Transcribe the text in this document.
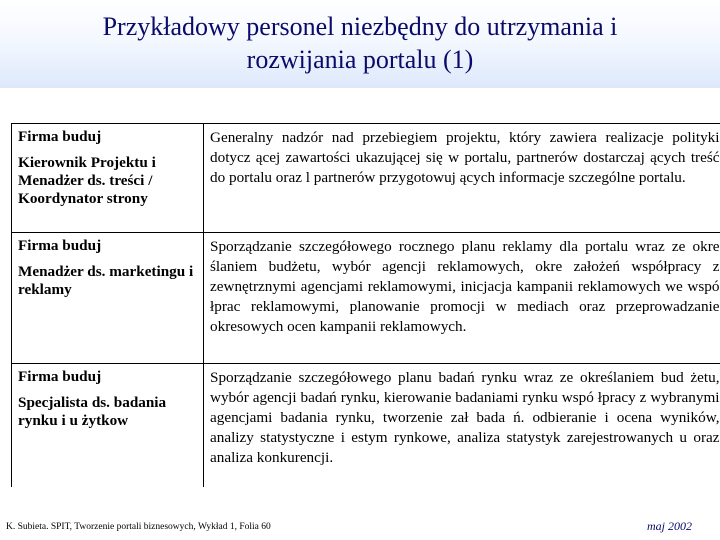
Przykładowy personel niezbędny do utrzymania i
rozwijania portalu (1)
Firma buduj
Kierownik Projektu i Menadżer ds. treści / Koordynator strony	Generalny nadzór nad przebiegiem projektu, który zawiera realizacje polityki dotycz ącej zawartości ukazującej się w portalu, partnerów dostarczaj ących treść do portalu oraz l partnerów przygotowuj ących informacje szczególne portalu.

Firma buduj
Menadżer ds. marketingu i reklamy	Sporządzanie szczegółowego rocznego planu reklamy dla portalu wraz ze okre ślaniem budżetu, wybór agencji reklamowych, okre założeń współpracy z zewnętrznymi agencjami reklamowymi, inicjacja kampanii reklamowych we wspó łprac reklamowymi, planowanie promocji w mediach oraz przeprowadzanie okresowych ocen kampanii reklamowych.

Firma buduj
Specjalista ds. badania rynku i u żytkow	Sporządzanie szczegółowego planu badań rynku wraz ze określaniem bud żetu, wybór agencji badań rynku, kierowanie badaniami rynku wspó łpracy z wybranymi agencjami badania rynku, tworzenie zał bada ń. odbieranie i ocena wyników, analizy statystyczne i estym rynkowe, analiza statystyk zarejestrowanych u oraz analiza konkurencji.
K. Subieta. SPIT, Tworzenie portali biznesowych, Wykład 1, Folia 60	maj 2002
